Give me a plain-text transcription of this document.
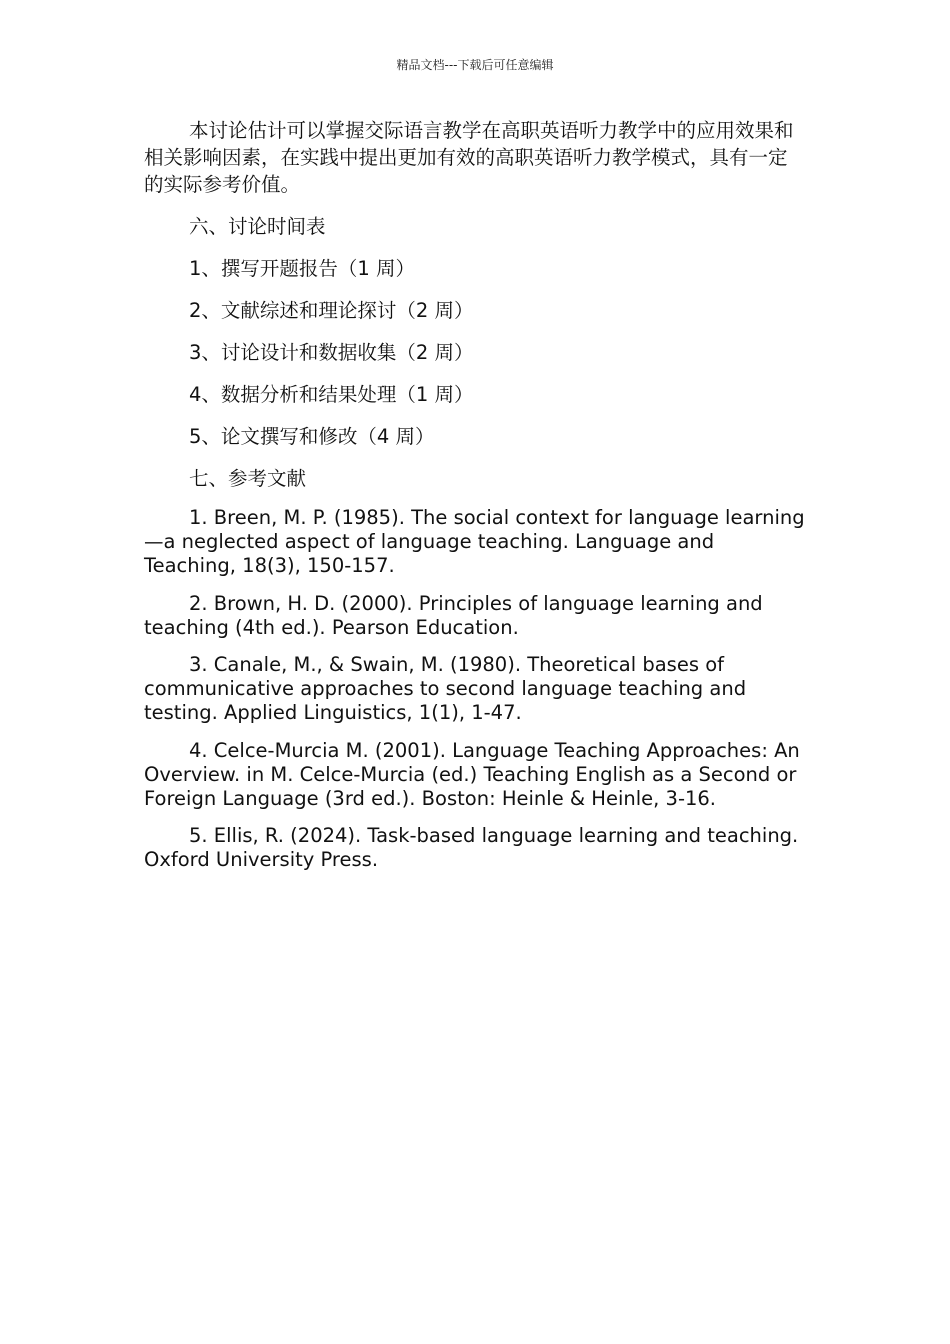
精品文档---下载后可任意编辑

本讨论估计可以掌握交际语言教学在高职英语听力教学中的应用效果和相关影响因素，在实践中提出更加有效的高职英语听力教学模式，具有一定的实际参考价值。

六、讨论时间表

1、撰写开题报告（1 周）

2、文献综述和理论探讨（2 周）

3、讨论设计和数据收集（2 周）

4、数据分析和结果处理（1 周）

5、论文撰写和修改（4 周）

七、参考文献

1. Breen, M. P. (1985). The social context for language learning—a neglected aspect of language teaching. Language and Teaching, 18(3), 150-157.

2. Brown, H. D. (2000). Principles of language learning and teaching (4th ed.). Pearson Education.

3. Canale, M., & Swain, M. (1980). Theoretical bases of communicative approaches to second language teaching and testing. Applied Linguistics, 1(1), 1-47.

4. Celce-Murcia M. (2001). Language Teaching Approaches: An Overview. in M. Celce-Murcia (ed.) Teaching English as a Second or Foreign Language (3rd ed.). Boston: Heinle & Heinle, 3-16.

5. Ellis, R. (2024). Task-based language learning and teaching. Oxford University Press.
